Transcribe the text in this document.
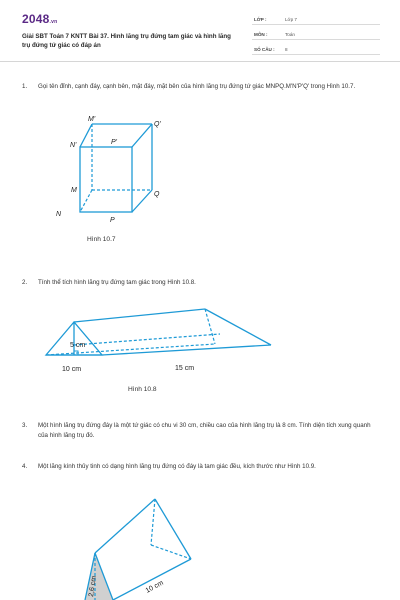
2048.vn
Giải SBT Toán 7 KNTT Bài 37. Hình lăng trụ đứng tam giác và hình lăng trụ đứng tứ giác có đáp án
LỚP :	Lớp 7
MÔN :	Toán
SỐ CÂU : 8
1. Gọi tên đỉnh, cạnh đáy, cạnh bên, mặt đáy, mặt bên của hình lăng trụ đứng tứ giác MNPQ.M'N'P'Q' trong Hình 10.7.
M'
Q'
N'	P'
M
Q
N
P
Hình 10.7
2. Tính thể tích hình lăng trụ đứng tam giác trong Hình 10.8.
5 cm
10 cm	15 cm
Hình 10.8
3. Một hình lăng trụ đứng đáy là một tứ giác có chu vi 30 cm, chiều cao của hình lăng trụ là 8 cm. Tính diện tích xung quanh của hình lăng trụ đó.
4. Một lăng kính thủy tinh có dạng hình lăng trụ đứng có đáy là tam giác đều, kích thước như Hình 10.9.
2,6 cm	10 cm
